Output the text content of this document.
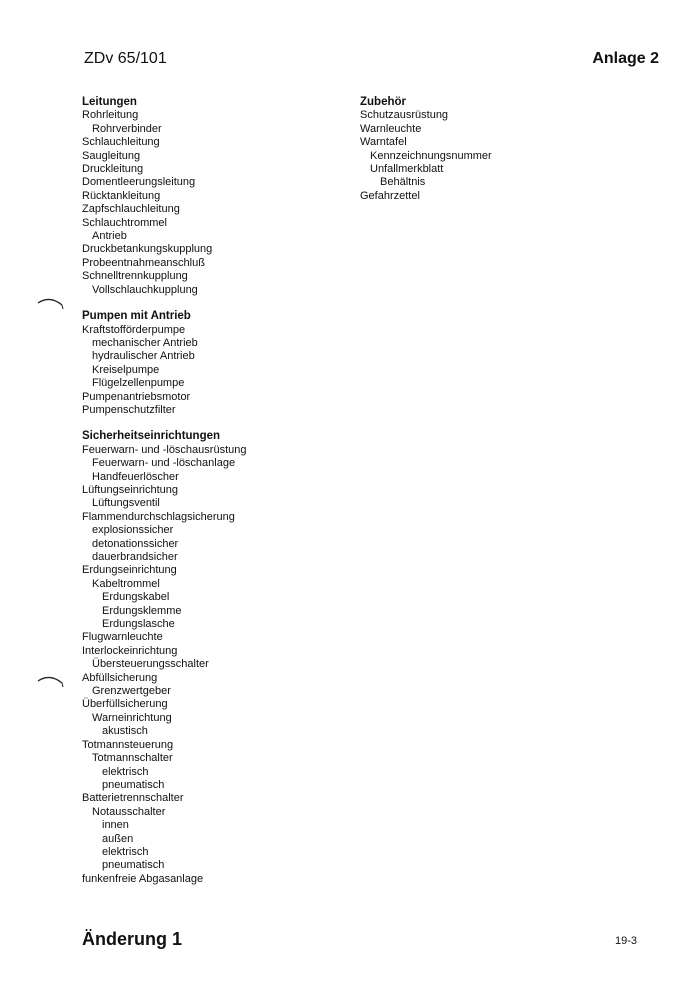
ZDv 65/101	Anlage 2
Leitungen
Rohrleitung
Rohrverbinder
Schlauchleitung
Saugleitung
Druckleitung
Domentleerungsleitung
Rücktankleitung
Zapfschlauchleitung
Schlauchtrommel
Antrieb
Druckbetankungskupplung
Probeentnahmeanschluß
Schnelltrennkupplung
Vollschlauchkupplung
Pumpen mit Antrieb
Kraftstofförderpumpe
mechanischer Antrieb
hydraulischer Antrieb
Kreiselpumpe
Flügelzellenpumpe
Pumpenantriebsmotor
Pumpenschutzfilter
Sicherheitseinrichtungen
Feuerwarn- und -löschausrüstung
Feuerwarn- und -löschanlage
Handfeuerlöscher
Lüftungseinrichtung
Lüftungsventil
Flammendurchschlagsicherung
explosionssicher
detonationssicher
dauerbrandsicher
Erdungseinrichtung
Kabeltrommel
Erdungskabel
Erdungsklemme
Erdungslasche
Flugwarnleuchte
Interlockeinrichtung
Übersteuerungsschalter
Abfüllsicherung
Grenzwertgeber
Überfüllsicherung
Warneinrichtung
akustisch
Totmannsteuerung
Totmannschalter
elektrisch
pneumatisch
Batterietrennschalter
Notausschalter
innen
außen
elektrisch
pneumatisch
funkenfreie Abgasanlage
Zubehör
Schutzausrüstung
Warnleuchte
Warntafel
Kennzeichnungsnummer
Unfallmerkblatt
Behältnis
Gefahrzettel
Änderung 1	19-3
